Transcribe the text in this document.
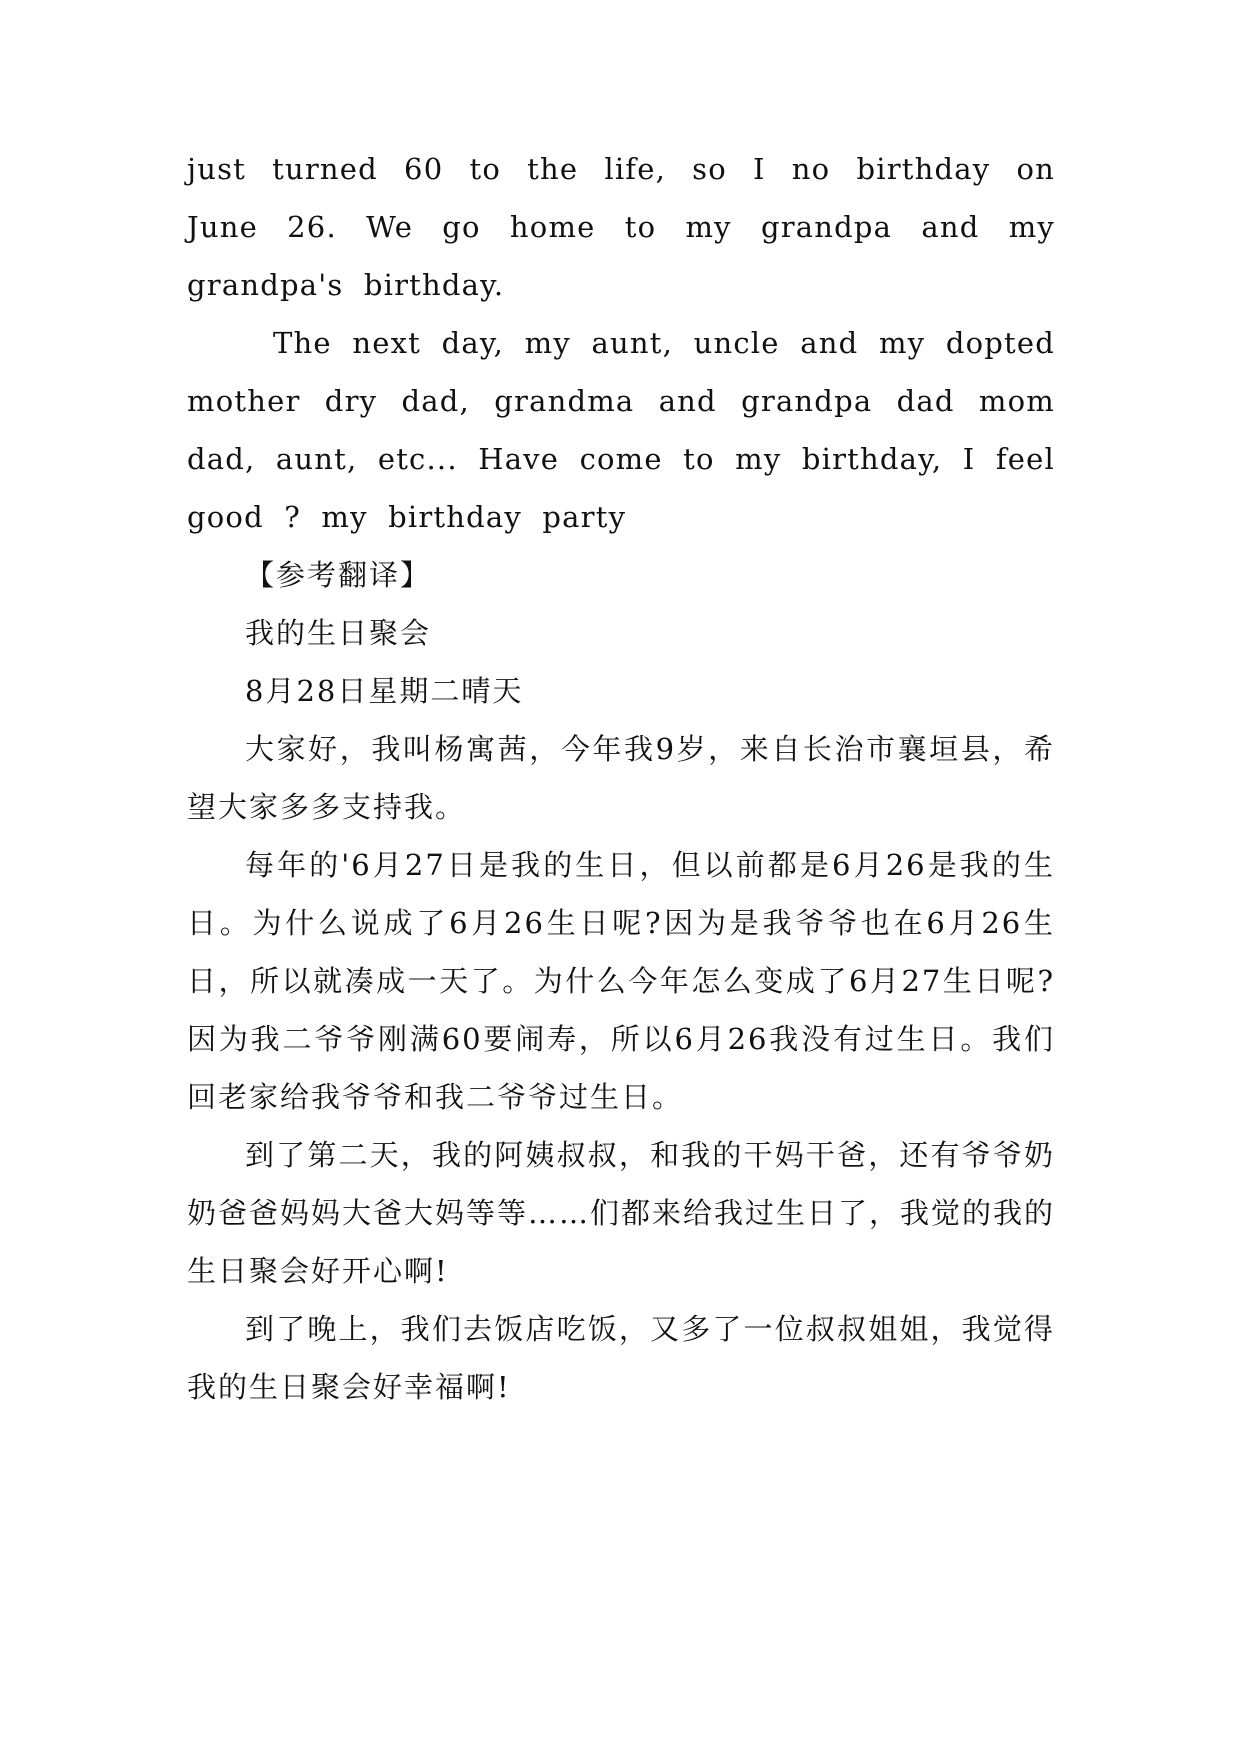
just turned 60 to the life, so I no birthday on June 26. We go home to my grandpa and my grandpa's birthday.

The next day, my aunt, uncle and my dopted mother dry dad, grandma and grandpa dad mom dad, aunt, etc... Have come to my birthday, I feel good ? my birthday party

【参考翻译】

我的生日聚会

8月28日星期二晴天

大家好，我叫杨寓茜，今年我9岁，来自长治市襄垣县，希望大家多多支持我。

每年的'6月27日是我的生日，但以前都是6月26是我的生日。为什么说成了6月26生日呢?因为是我爷爷也在6月26生日，所以就凑成一天了。为什么今年怎么变成了6月27生日呢?因为我二爷爷刚满60要闹寿，所以6月26我没有过生日。我们回老家给我爷爷和我二爷爷过生日。

到了第二天，我的阿姨叔叔，和我的干妈干爸，还有爷爷奶奶爸爸妈妈大爸大妈等等……们都来给我过生日了，我觉的我的生日聚会好开心啊!

到了晚上，我们去饭店吃饭，又多了一位叔叔姐姐，我觉得我的生日聚会好幸福啊!
